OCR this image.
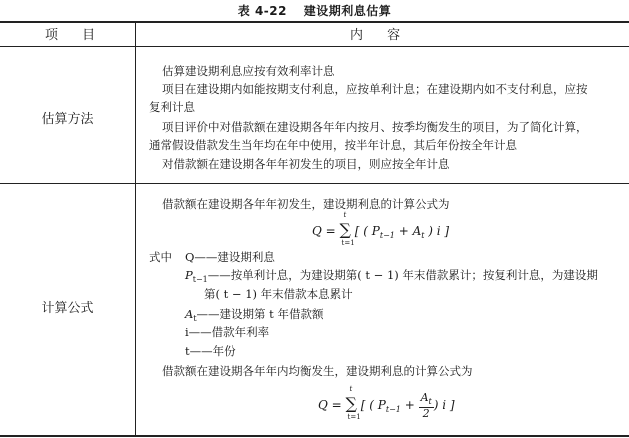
表 4-22 建设期利息估算
项 目	内 容
估算方法
估算建设期利息应按有效利率计息
项目在建设期内如能按期支付利息，应按单利计息；在建设期内如不支付利息，应按
复利计息
项目评价中对借款额在建设期各年年内按月、按季均衡发生的项目，为了简化计算，
通常假设借款发生当年均在年中使用，按半年计息，其后年份按全年计息
对借款额在建设期各年年初发生的项目，则应按全年计息
计算公式
借款额在建设期各年年初发生，建设期利息的计算公式为
Q = ∑
t
t=1
[ ( $P_{t-1} + A_t$ ) i ]
式中 Q——建设期利息
$P_{t-1}——$按单利计息，为建设期第( t − 1) 年末借款累计；按复利计息，为建设期
第( t − 1) 年末借款本息累计
$A_t——$建设期第 t 年借款额
i——借款年利率
t——年份
借款额在建设期各年年内均衡发生，建设期利息的计算公式为
Q = ∑
t
t=1
[ ( $P_{t-1} + \frac{A_t}{2}$ ) i ]
